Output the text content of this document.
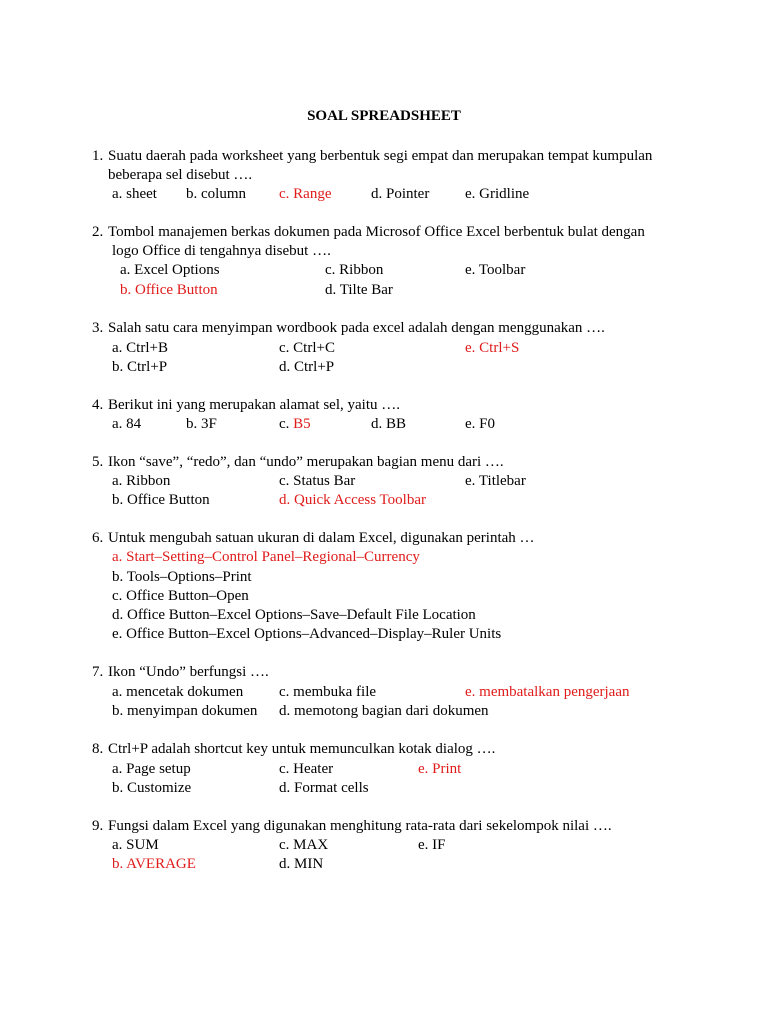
SOAL SPREADSHEET
1. Suatu daerah pada worksheet yang berbentuk segi empat dan merupakan tempat kumpulan
beberapa sel disebut ….
a. sheet b. column c. Range	d. Pointer e. Gridline
2. Tombol manajemen berkas dokumen pada Microsof Office Excel berbentuk bulat dengan
logo Office di tengahnya disebut ….
a. Excel Options	c. Ribbon	e. Toolbar
b. Office Button	d. Tilte Bar
3. Salah satu cara menyimpan wordbook pada excel adalah dengan menggunakan ….
a. Ctrl+B	c. Ctrl+C	e. Ctrl+S
b. Ctrl+P	d. Ctrl+P
4. Berikut ini yang merupakan alamat sel, yaitu ….
a. 84	b. 3F	c. B5	d. BB	e. F0
5. Ikon “save”, “redo”, dan “undo” merupakan bagian menu dari ….
a. Ribbon	c. Status Bar	e. Titlebar
b. Office Button	d. Quick Access Toolbar
6. Untuk mengubah satuan ukuran di dalam Excel, digunakan perintah …
a. Start–Setting–Control Panel–Regional–Currency
b. Tools–Options–Print
c. Office Button–Open
d. Office Button–Excel Options–Save–Default File Location
e. Office Button–Excel Options–Advanced–Display–Ruler Units
7. Ikon “Undo” berfungsi ….
a. mencetak dokumen c. membuka file	e. membatalkan pengerjaan
b. menyimpan dokumen d. memotong bagian dari dokumen
8. Ctrl+P adalah shortcut key untuk memunculkan kotak dialog ….
a. Page setup	c. Heater	e. Print
b. Customize	d. Format cells
9. Fungsi dalam Excel yang digunakan menghitung rata-rata dari sekelompok nilai ….
a. SUM	c. MAX	e. IF
b. AVERAGE	d. MIN
